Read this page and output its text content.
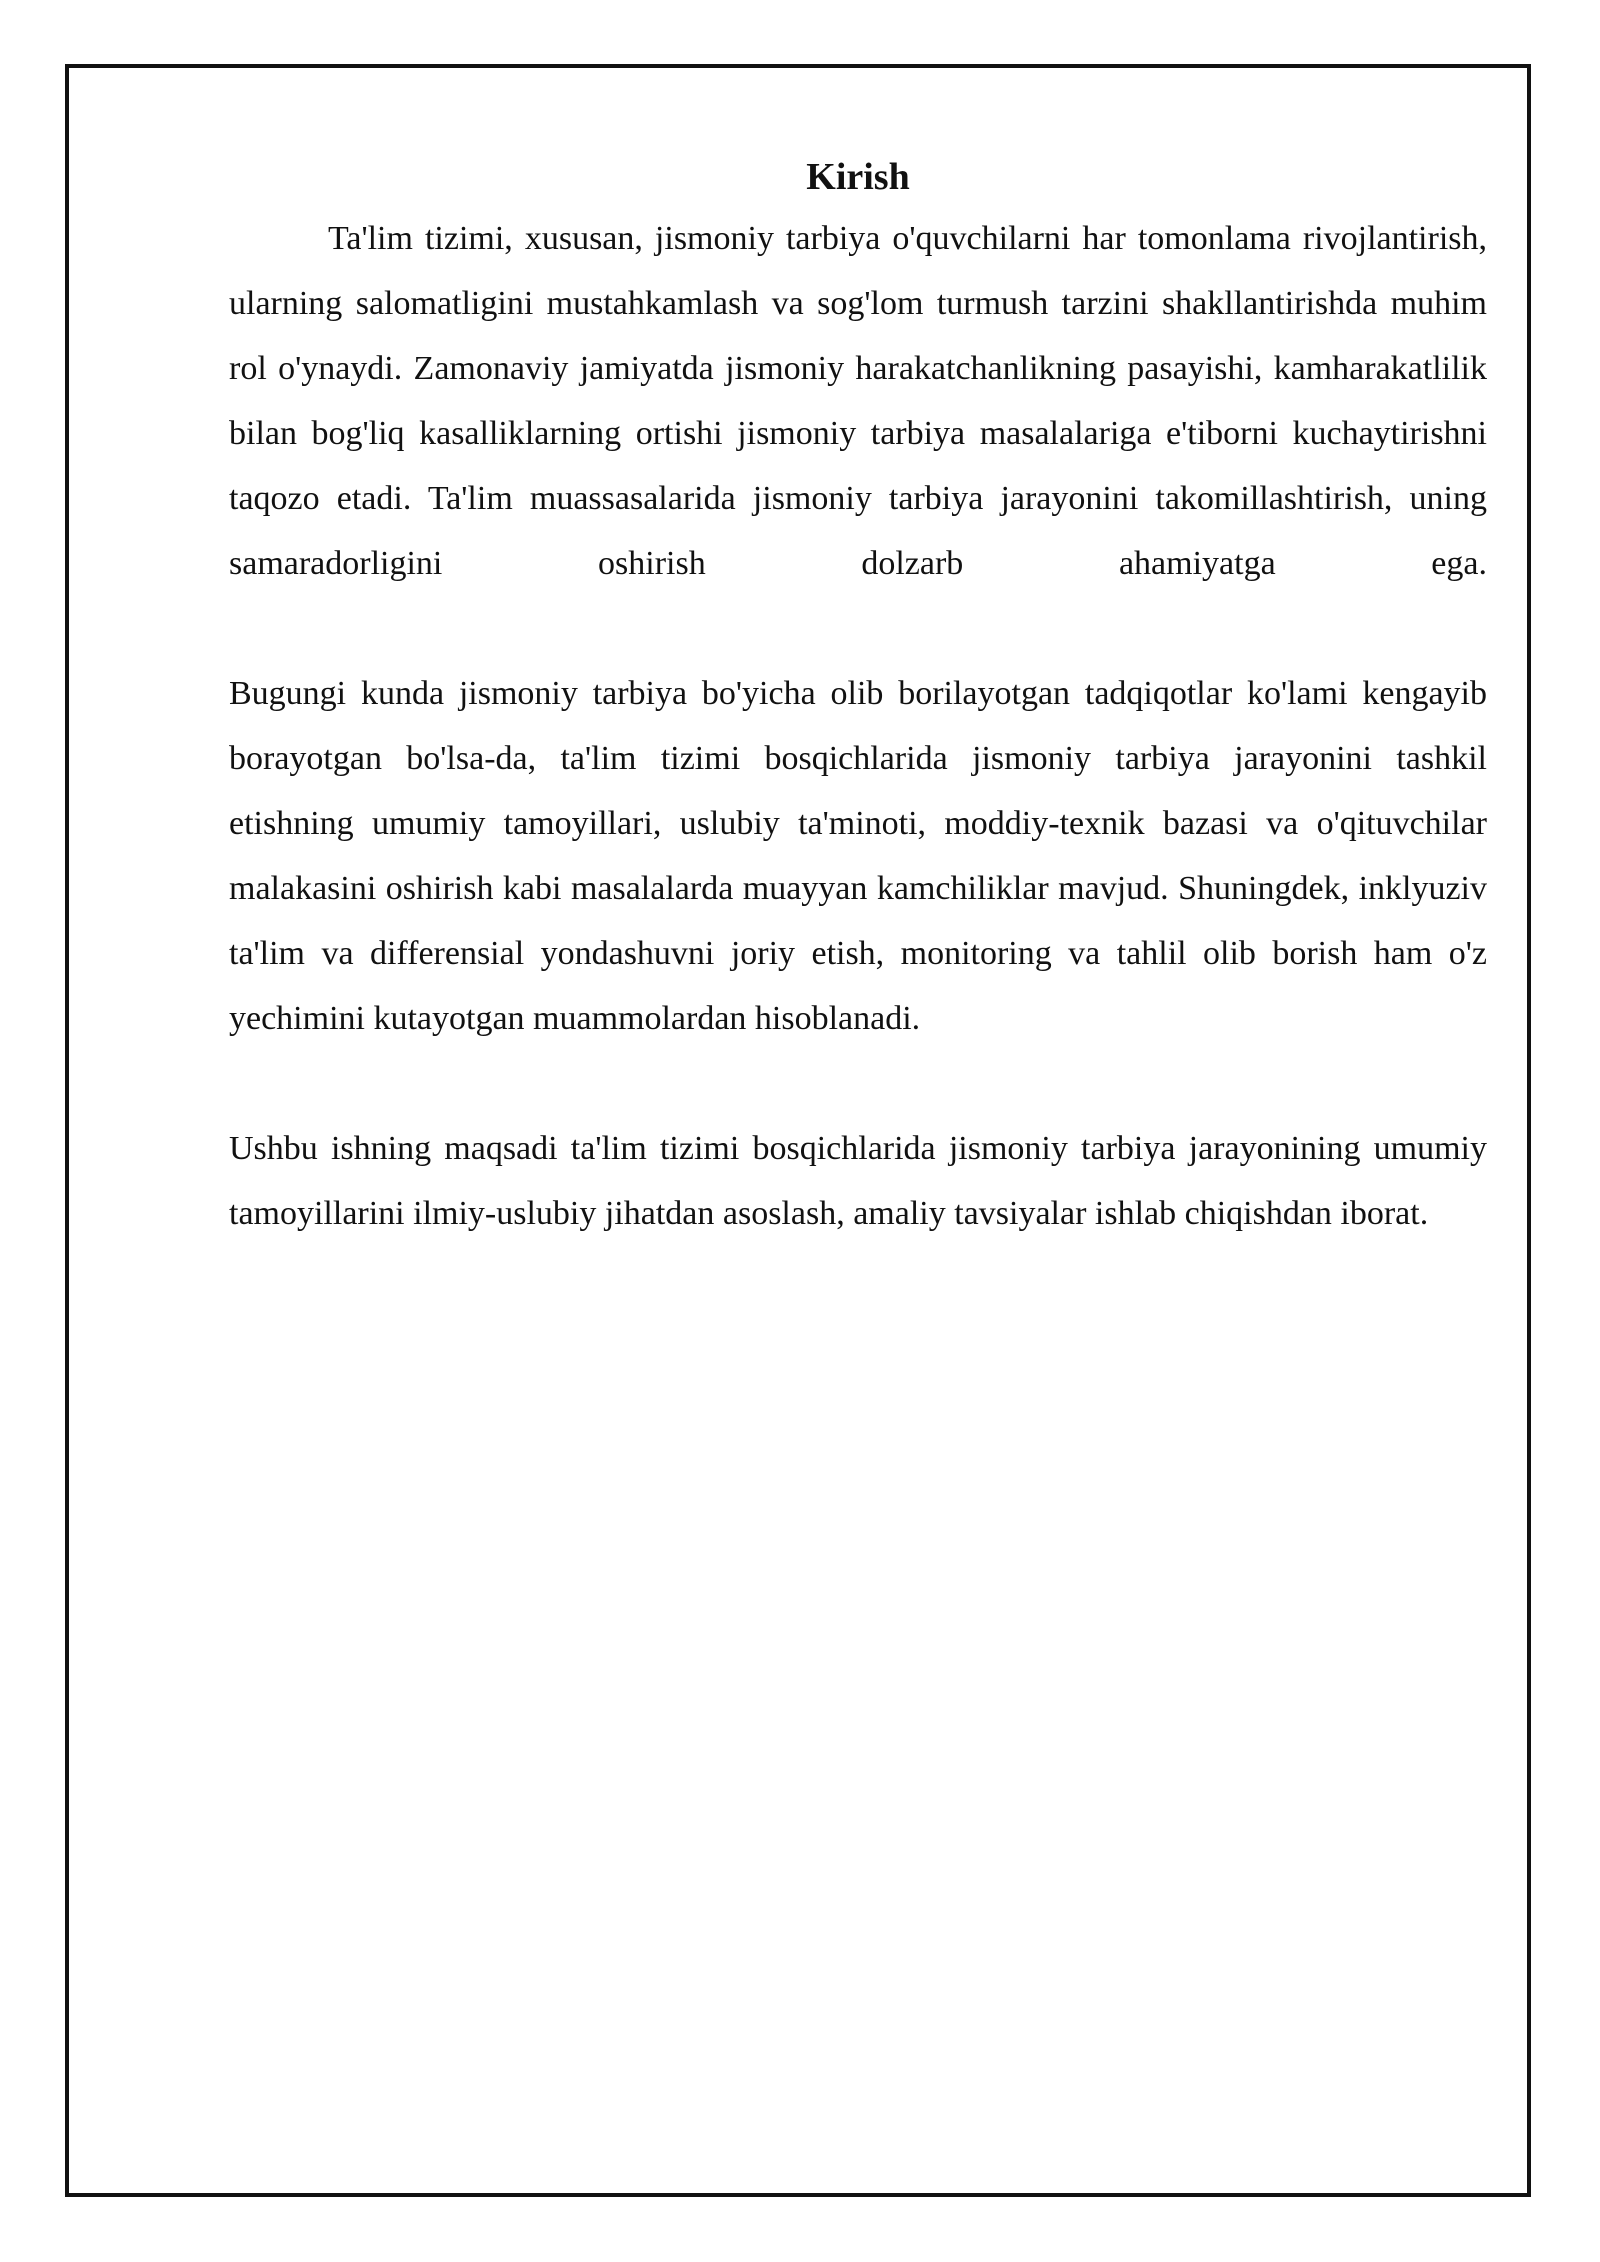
Kirish

Ta'lim tizimi, xususan, jismoniy tarbiya o'quvchilarni har tomonlama rivojlantirish, ularning salomatligini mustahkamlash va sog'lom turmush tarzini shakllantirishda muhim rol o'ynaydi. Zamonaviy jamiyatda jismoniy harakatchanlikning pasayishi, kamharakatlilik bilan bog'liq kasalliklarning ortishi jismoniy tarbiya masalalariga e'tiborni kuchaytirishni taqozo etadi. Ta'lim muassasalarida jismoniy tarbiya jarayonini takomillashtirish, uning samaradorligini oshirish dolzarb ahamiyatga ega.

Bugungi kunda jismoniy tarbiya bo'yicha olib borilayotgan tadqiqotlar ko'lami kengayib borayotgan bo'lsa-da, ta'lim tizimi bosqichlarida jismoniy tarbiya jarayonini tashkil etishning umumiy tamoyillari, uslubiy ta'minoti, moddiy-texnik bazasi va o'qituvchilar malakasini oshirish kabi masalalarda muayyan kamchiliklar mavjud. Shuningdek, inklyuziv ta'lim va differensial yondashuvni joriy etish, monitoring va tahlil olib borish ham o'z yechimini kutayotgan muammolardan hisoblanadi.

Ushbu ishning maqsadi ta'lim tizimi bosqichlarida jismoniy tarbiya jarayonining umumiy tamoyillarini ilmiy-uslubiy jihatdan asoslash, amaliy tavsiyalar ishlab chiqishdan iborat.
